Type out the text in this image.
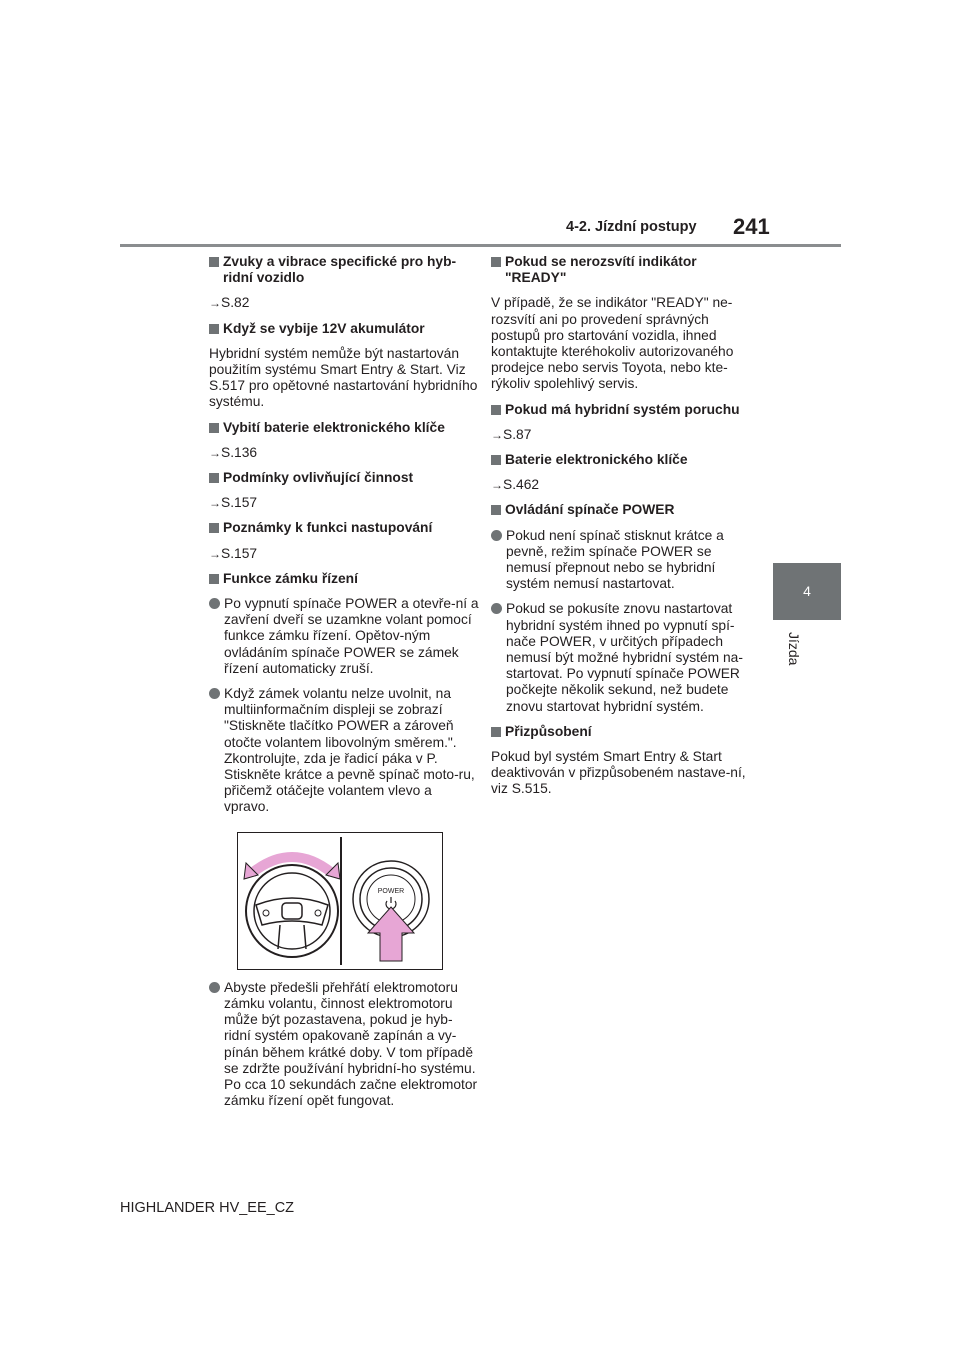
4-2. Jízdní postupy 241
4
Jízda
Zvuky a vibrace specifické pro hyb-ridní vozidlo
→S.82
Když se vybije 12V akumulátor
Hybridní systém nemůže být nastartován použitím systému Smart Entry & Start. Viz S.517 pro opětovné nastartování hybridního systému.
Vybití baterie elektronického klíče
→S.136
Podmínky ovlivňující činnost
→S.157
Poznámky k funkci nastupování
→S.157
Funkce zámku řízení
Po vypnutí spínače POWER a otevře-ní a zavření dveří se uzamkne volant pomocí funkce zámku řízení. Opětov-ným ovládáním spínače POWER se zámek řízení automaticky zruší.
Když zámek volantu nelze uvolnit, na multiinformačním displeji se zobrazí "Stiskněte tlačítko POWER a zároveň otočte volantem libovolným směrem.". Zkontrolujte, zda je řadicí páka v P. Stiskněte krátce a pevně spínač moto-ru, přičemž otáčejte volantem vlevo a vpravo.
POWER
Abyste předešli přehřátí elektromotoru zámku volantu, činnost elektromotoru může být pozastavena, pokud je hyb-ridní systém opakovaně zapínán a vy-pínán během krátké doby. V tom případě se zdržte používání hybridní-ho systému. Po cca 10 sekundách začne elektromotor zámku řízení opět fungovat.
Pokud se nerozsvítí indikátor "READY"
V případě, že se indikátor "READY" ne-rozsvítí ani po provedení správných postupů pro startování vozidla, ihned kontaktujte kteréhokoliv autorizovaného prodejce nebo servis Toyota, nebo kte-rýkoliv spolehlivý servis.
Pokud má hybridní systém poruchu
→S.87
Baterie elektronického klíče
→S.462
Ovládání spínače POWER
Pokud není spínač stisknut krátce a pevně, režim spínače POWER se nemusí přepnout nebo se hybridní systém nemusí nastartovat.
Pokud se pokusíte znovu nastartovat hybridní systém ihned po vypnutí spí-nače POWER, v určitých případech nemusí být možné hybridní systém na-startovat. Po vypnutí spínače POWER počkejte několik sekund, než budete znovu startovat hybridní systém.
Přizpůsobení
Pokud byl systém Smart Entry & Start deaktivován v přizpůsobeném nastave-ní, viz S.515.
HIGHLANDER HV_EE_CZ
